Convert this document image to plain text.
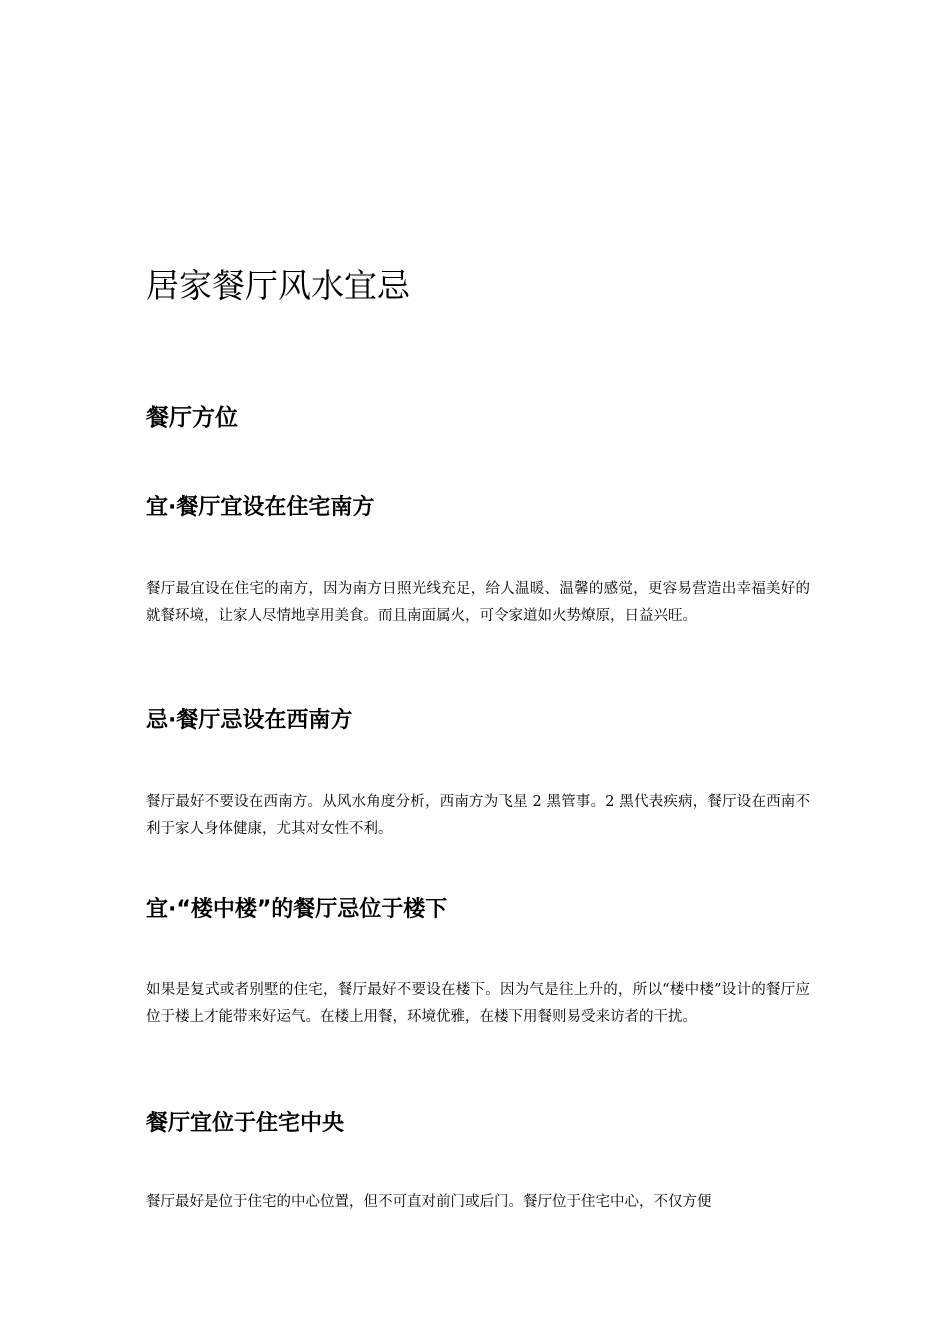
居家餐厅风水宜忌
餐厅方位
宜·餐厅宜设在住宅南方

餐厅最宜设在住宅的南方，因为南方日照光线充足，给人温暖、温馨的感觉，更容易营造出幸福美好的就餐环境，让家人尽情地享用美食。而且南面属火，可令家道如火势燎原，日益兴旺。

忌·餐厅忌设在西南方

餐厅最好不要设在西南方。从风水角度分析，西南方为飞星 2 黑管事。2 黑代表疾病，餐厅设在西南不利于家人身体健康，尤其对女性不利。

宜·“楼中楼”的餐厅忌位于楼下

如果是复式或者别墅的住宅，餐厅最好不要设在楼下。因为气是往上升的，所以“楼中楼”设计的餐厅应位于楼上才能带来好运气。在楼上用餐，环境优雅，在楼下用餐则易受来访者的干扰。

餐厅宜位于住宅中央

餐厅最好是位于住宅的中心位置，但不可直对前门或后门。餐厅位于住宅中心，不仅方便
